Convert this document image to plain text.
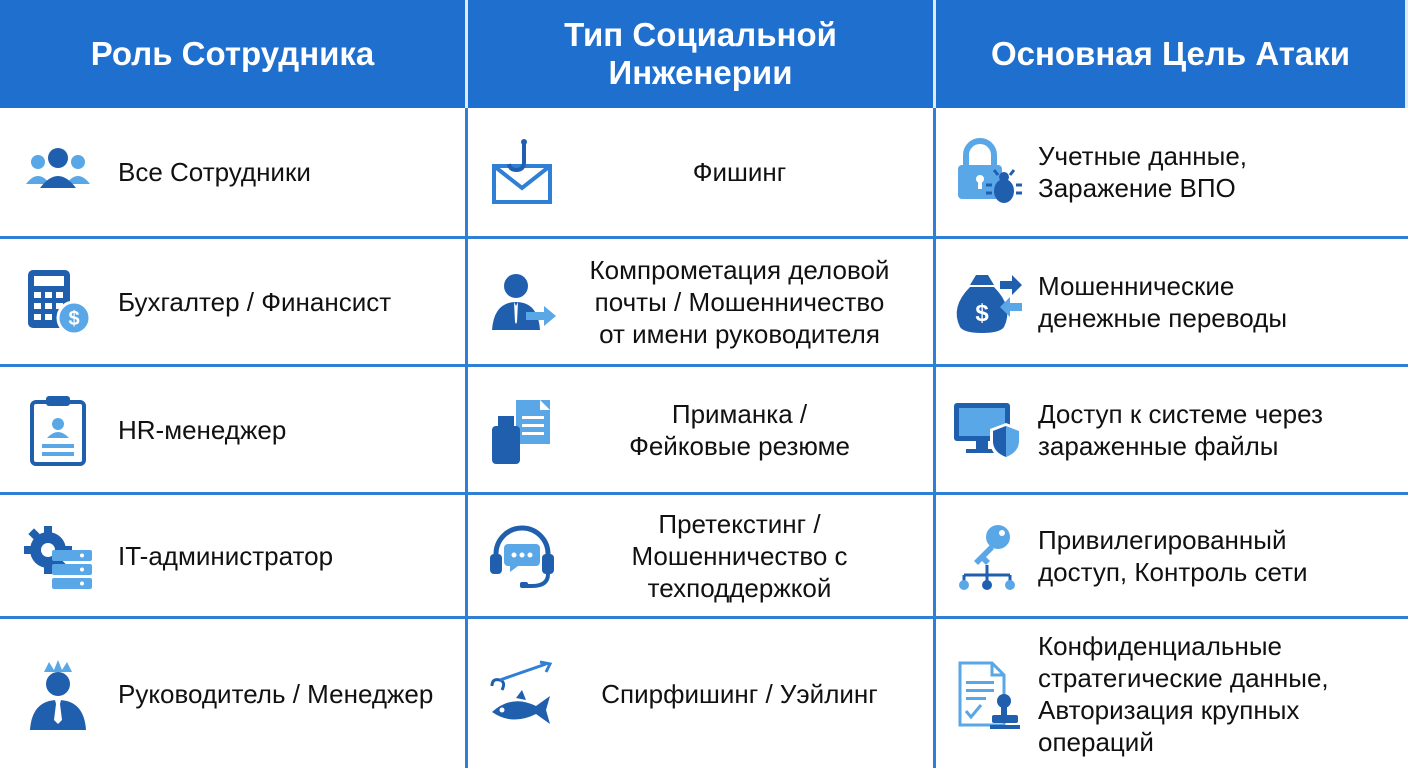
Роль Сотрудника
Тип Социальной
Инженерии
Основная Цель Атаки
Все Сотрудники	Фишинг
Учетные данные,
Заражение ВПО
$
Бухгалтер / Финансист
Компрометация деловой
почты / Мошенничество
от имени руководителя
$
Мошеннические
денежные переводы
HR-менеджер
Приманка /
Фейковые резюме
Доступ к системе через
зараженные файлы
IT-администратор
Претекстинг /
Мошенничество с
техподдержкой
Привилегированный
доступ, Контроль сети
Руководитель / Менеджер	Спирфишинг / Уэйлинг
Конфиденциальные
стратегические данные,
Авторизация крупных
операций
